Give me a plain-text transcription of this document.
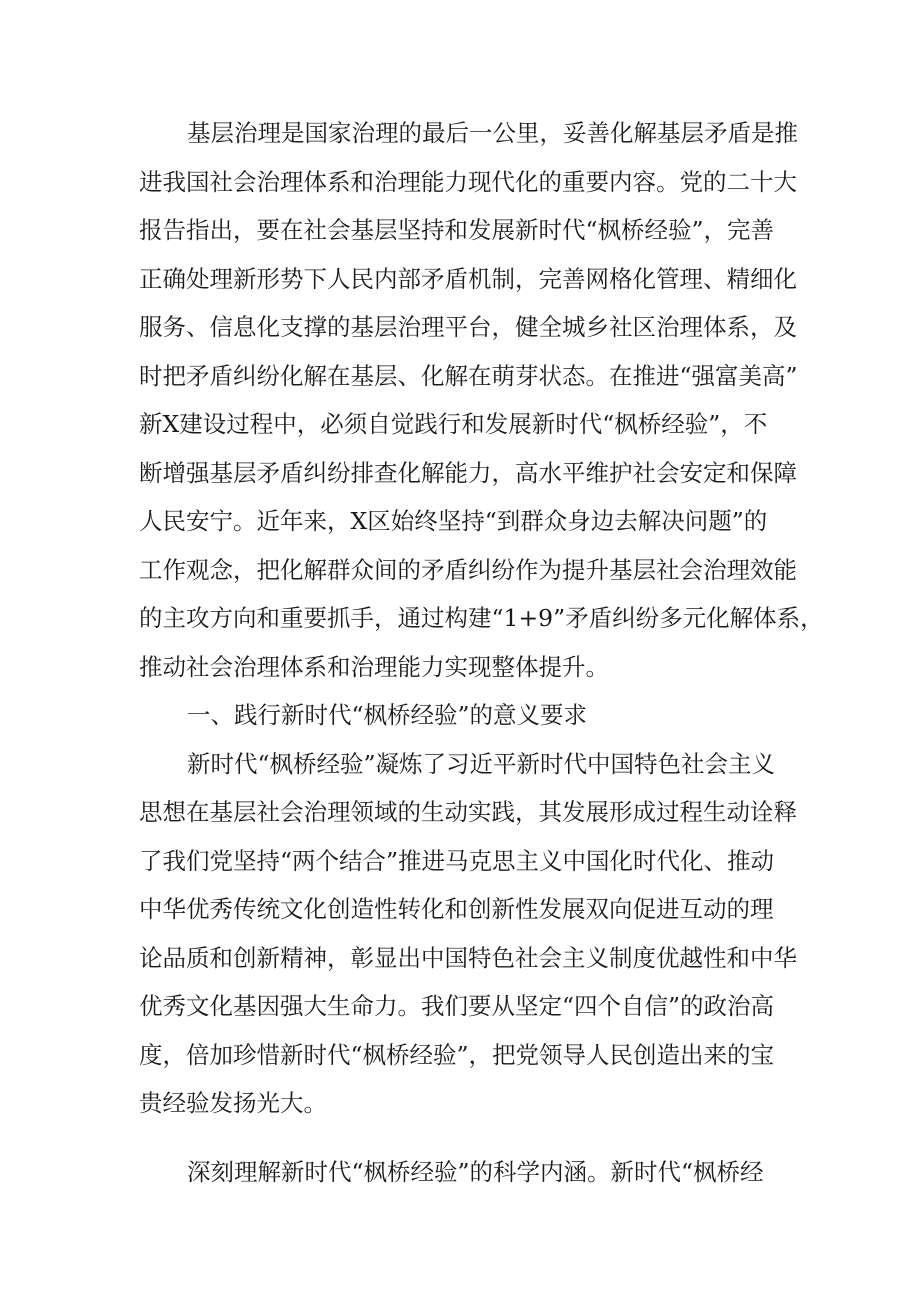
基层治理是国家治理的最后一公里，妥善化解基层矛盾是推
进我国社会治理体系和治理能力现代化的重要内容。党的二十大
报告指出，要在社会基层坚持和发展新时代“枫桥经验”，完善
正确处理新形势下人民内部矛盾机制，完善网格化管理、精细化
服务、信息化支撑的基层治理平台，健全城乡社区治理体系，及
时把矛盾纠纷化解在基层、化解在萌芽状态。在推进“强富美高”
新X建设过程中，必须自觉践行和发展新时代“枫桥经验”，不
断增强基层矛盾纠纷排查化解能力，高水平维护社会安定和保障
人民安宁。近年来，X区始终坚持“到群众身边去解决问题”的
工作观念，把化解群众间的矛盾纠纷作为提升基层社会治理效能
的主攻方向和重要抓手，通过构建“1+9”矛盾纠纷多元化解体系，
推动社会治理体系和治理能力实现整体提升。
一、践行新时代“枫桥经验”的意义要求
新时代“枫桥经验”凝炼了习近平新时代中国特色社会主义
思想在基层社会治理领域的生动实践，其发展形成过程生动诠释
了我们党坚持“两个结合”推进马克思主义中国化时代化、推动
中华优秀传统文化创造性转化和创新性发展双向促进互动的理
论品质和创新精神，彰显出中国特色社会主义制度优越性和中华
优秀文化基因强大生命力。我们要从坚定“四个自信”的政治高
度，倍加珍惜新时代“枫桥经验”，把党领导人民创造出来的宝
贵经验发扬光大。
深刻理解新时代“枫桥经验”的科学内涵。新时代“枫桥经
